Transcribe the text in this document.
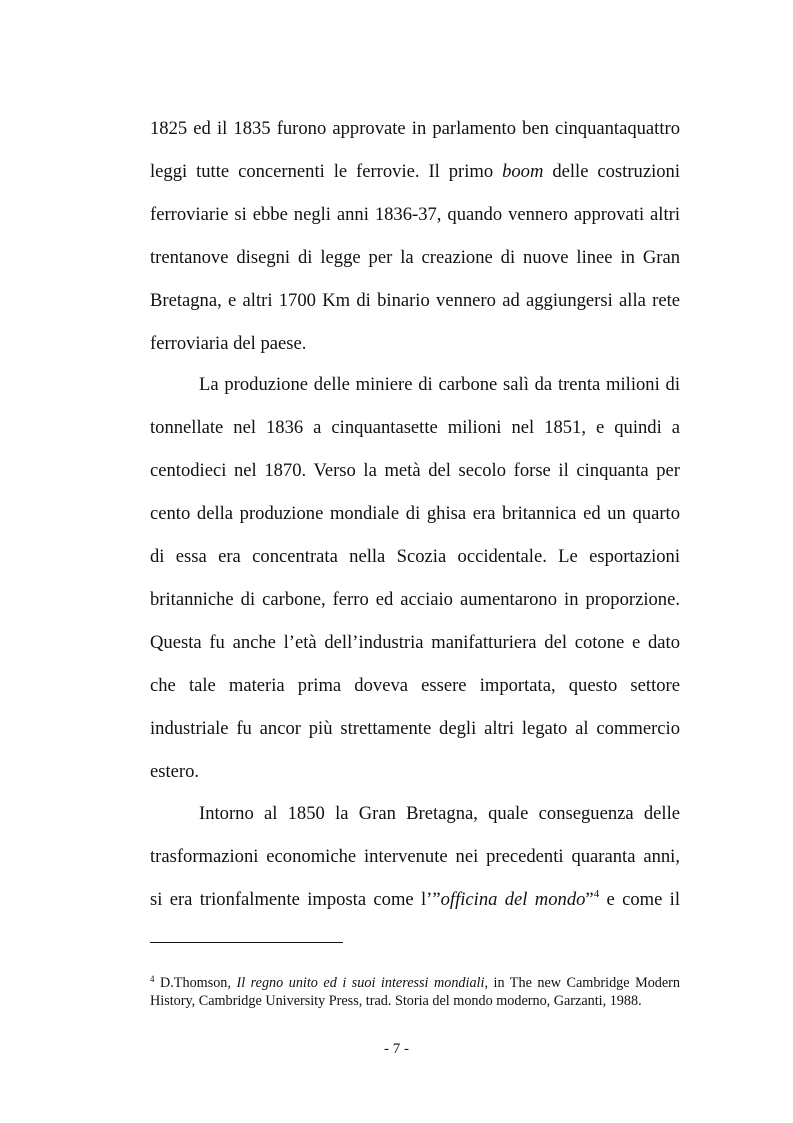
1825 ed il 1835 furono approvate in parlamento ben cinquantaquattro
leggi tutte concernenti le ferrovie. Il primo boom delle costruzioni
ferroviarie si ebbe negli anni 1836-37, quando vennero approvati altri
trentanove disegni di legge per la creazione di nuove linee in Gran
Bretagna, e altri 1700 Km di binario vennero ad aggiungersi alla rete
ferroviaria del paese.
La produzione delle miniere di carbone salì da trenta milioni di
tonnellate nel 1836 a cinquantasette milioni nel 1851, e quindi a
centodieci nel 1870. Verso la metà del secolo forse il cinquanta per
cento della produzione mondiale di ghisa era britannica ed un quarto
di essa era concentrata nella Scozia occidentale. Le esportazioni
britanniche di carbone, ferro ed acciaio aumentarono in proporzione.
Questa fu anche l’età dell’industria manifatturiera del cotone e dato
che tale materia prima doveva essere importata, questo settore
industriale fu ancor più strettamente degli altri legato al commercio
estero.
Intorno al 1850 la Gran Bretagna, quale conseguenza delle
trasformazioni economiche intervenute nei precedenti quaranta anni,
si era trionfalmente imposta come l’”officina del mondo”$^4$ e come il
$^4$ D.Thomson, Il regno unito ed i suoi interessi mondiali, in The new Cambridge Modern
History, Cambridge University Press, trad. Storia del mondo moderno, Garzanti, 1988.
- 7 -
